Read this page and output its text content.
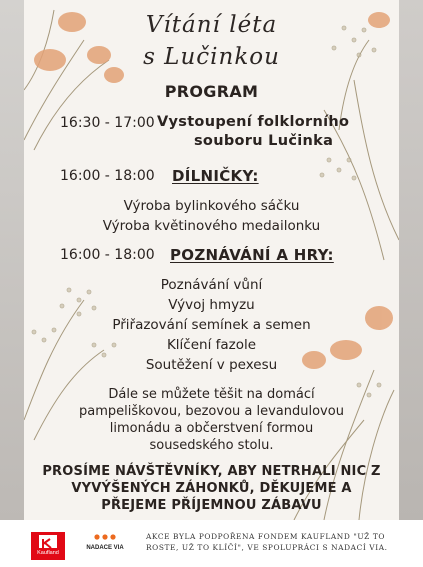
Vítání léta
s Lučinkou
PROGRAM
16:30 - 17:00 Vystoupení folklorního
souboru Lučinka
16:00 - 18:00 DÍLNIČKY:
Výroba bylinkového sáčku
Výroba květinového medailonku
16:00 - 18:00 POZNÁVÁNÍ A HRY:
Poznávání vůní
Vývoj hmyzu
Přiřazování semínek a semen
Klíčení fazole
Soutěžení v pexesu
Dále se můžete těšit na domácí
pampeliškovou, bezovou a levandulovou
limonádu a občerstvení formou
sousedského stolu.
PROSÍME NÁVŠTĚVNÍKY, ABY NETRHALI NIC Z
VYVÝŠENÝCH ZÁHONKŮ, DĚKUJEME A
PŘEJEME PŘÍJEMNOU ZÁBAVU
Kaufland
NADACE VIA
AKCE BYLA PODPOŘENA FONDEM KAUFLAND "UŽ TO
ROSTE, UŽ TO KLÍČÍ", VE SPOLUPRÁCI S NADACÍ VIA.
